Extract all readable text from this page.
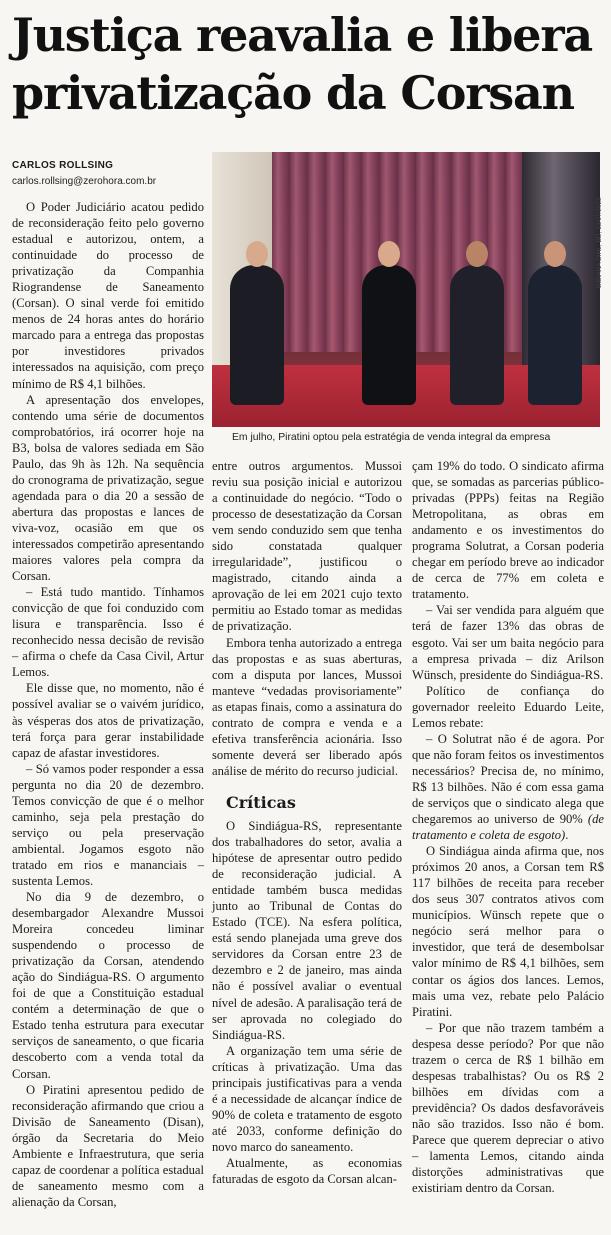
Justiça reavalia e libera
privatização da Corsan
CARLOS ROLLSING
carlos.rollsing@zerohora.com.br
BIBIANA DIHL, BD, 13/07/2022
Em julho, Piratini optou pela estratégia de venda integral da empresa

O Poder Judiciário acatou pedido de reconsideração feito pelo governo estadual e autorizou, ontem, a continuidade do processo de privatização da Companhia Riograndense de Saneamento (Corsan). O sinal verde foi emitido menos de 24 horas antes do horário marcado para a entrega das propostas por investidores privados interessados na aquisição, com preço mínimo de R$ 4,1 bilhões.

A apresentação dos envelopes, contendo uma série de documentos comprobatórios, irá ocorrer hoje na B3, bolsa de valores sediada em São Paulo, das 9h às 12h. Na sequência do cronograma de privatização, segue agendada para o dia 20 a sessão de abertura das propostas e lances de viva-voz, ocasião em que os interessados competirão apresentando maiores valores pela compra da Corsan.

– Está tudo mantido. Tínhamos convicção de que foi conduzido com lisura e transparência. Isso é reconhecido nessa decisão de revisão – afirma o chefe da Casa Civil, Artur Lemos.

Ele disse que, no momento, não é possível avaliar se o vaivém jurídico, às vésperas dos atos de privatização, terá força para gerar instabilidade capaz de afastar investidores.

– Só vamos poder responder a essa pergunta no dia 20 de dezembro. Temos convicção de que é o melhor caminho, seja pela prestação do serviço ou pela preservação ambiental. Jogamos esgoto não tratado em rios e mananciais – sustenta Lemos.

No dia 9 de dezembro, o desembargador Alexandre Mussoi Moreira concedeu liminar suspendendo o processo de privatização da Corsan, atendendo ação do Sindiágua-RS. O argumento foi de que a Constituição estadual contém a determinação de que o Estado tenha estrutura para executar serviços de saneamento, o que ficaria descoberto com a venda total da Corsan.

O Piratini apresentou pedido de reconsideração afirmando que criou a Divisão de Saneamento (Disan), órgão da Secretaria do Meio Ambiente e Infraestrutura, que seria capaz de coordenar a política estadual de saneamento mesmo com a alienação da Corsan,

entre outros argumentos. Mussoi reviu sua posição inicial e autorizou a continuidade do negócio. “Todo o processo de desestatização da Corsan vem sendo conduzido sem que tenha sido constatada qualquer irregularidade”, justificou o magistrado, citando ainda a aprovação de lei em 2021 cujo texto permitiu ao Estado tomar as medidas de privatização.

Embora tenha autorizado a entrega das propostas e as suas aberturas, com a disputa por lances, Mussoi manteve “vedadas provisoriamente” as etapas finais, como a assinatura do contrato de compra e venda e a efetiva transferência acionária. Isso somente deverá ser liberado após análise de mérito do recurso judicial.

Críticas

O Sindiágua-RS, representante dos trabalhadores do setor, avalia a hipótese de apresentar outro pedido de reconsideração judicial. A entidade também busca medidas junto ao Tribunal de Contas do Estado (TCE). Na esfera política, está sendo planejada uma greve dos servidores da Corsan entre 23 de dezembro e 2 de janeiro, mas ainda não é possível avaliar o eventual nível de adesão. A paralisação terá de ser aprovada no colegiado do Sindiágua-RS.

A organização tem uma série de críticas à privatização. Uma das principais justificativas para a venda é a necessidade de alcançar índice de 90% de coleta e tratamento de esgoto até 2033, conforme definição do novo marco do saneamento.

Atualmente, as economias faturadas de esgoto da Corsan alcan-

çam 19% do todo. O sindicato afirma que, se somadas as parcerias público-privadas (PPPs) feitas na Região Metropolitana, as obras em andamento e os investimentos do programa Solutrat, a Corsan poderia chegar em período breve ao indicador de cerca de 77% em coleta e tratamento.

– Vai ser vendida para alguém que terá de fazer 13% das obras de esgoto. Vai ser um baita negócio para a empresa privada – diz Arilson Wünsch, presidente do Sindiágua-RS.

Político de confiança do governador reeleito Eduardo Leite, Lemos rebate:

– O Solutrat não é de agora. Por que não foram feitos os investimentos necessários? Precisa de, no mínimo, R$ 13 bilhões. Não é com essa gama de serviços que o sindicato alega que chegaremos ao universo de 90% (de tratamento e coleta de esgoto).

O Sindiágua ainda afirma que, nos próximos 20 anos, a Corsan tem R$ 117 bilhões de receita para receber dos seus 307 contratos ativos com municípios. Wünsch repete que o negócio será melhor para o investidor, que terá de desembolsar valor mínimo de R$ 4,1 bilhões, sem contar os ágios dos lances. Lemos, mais uma vez, rebate pelo Palácio Piratini.

– Por que não trazem também a despesa desse período? Por que não trazem o cerca de R$ 1 bilhão em despesas trabalhistas? Ou os R$ 2 bilhões em dívidas com a previdência? Os dados desfavoráveis não são trazidos. Isso não é bom. Parece que querem depreciar o ativo – lamenta Lemos, citando ainda distorções administrativas que existiriam dentro da Corsan.
